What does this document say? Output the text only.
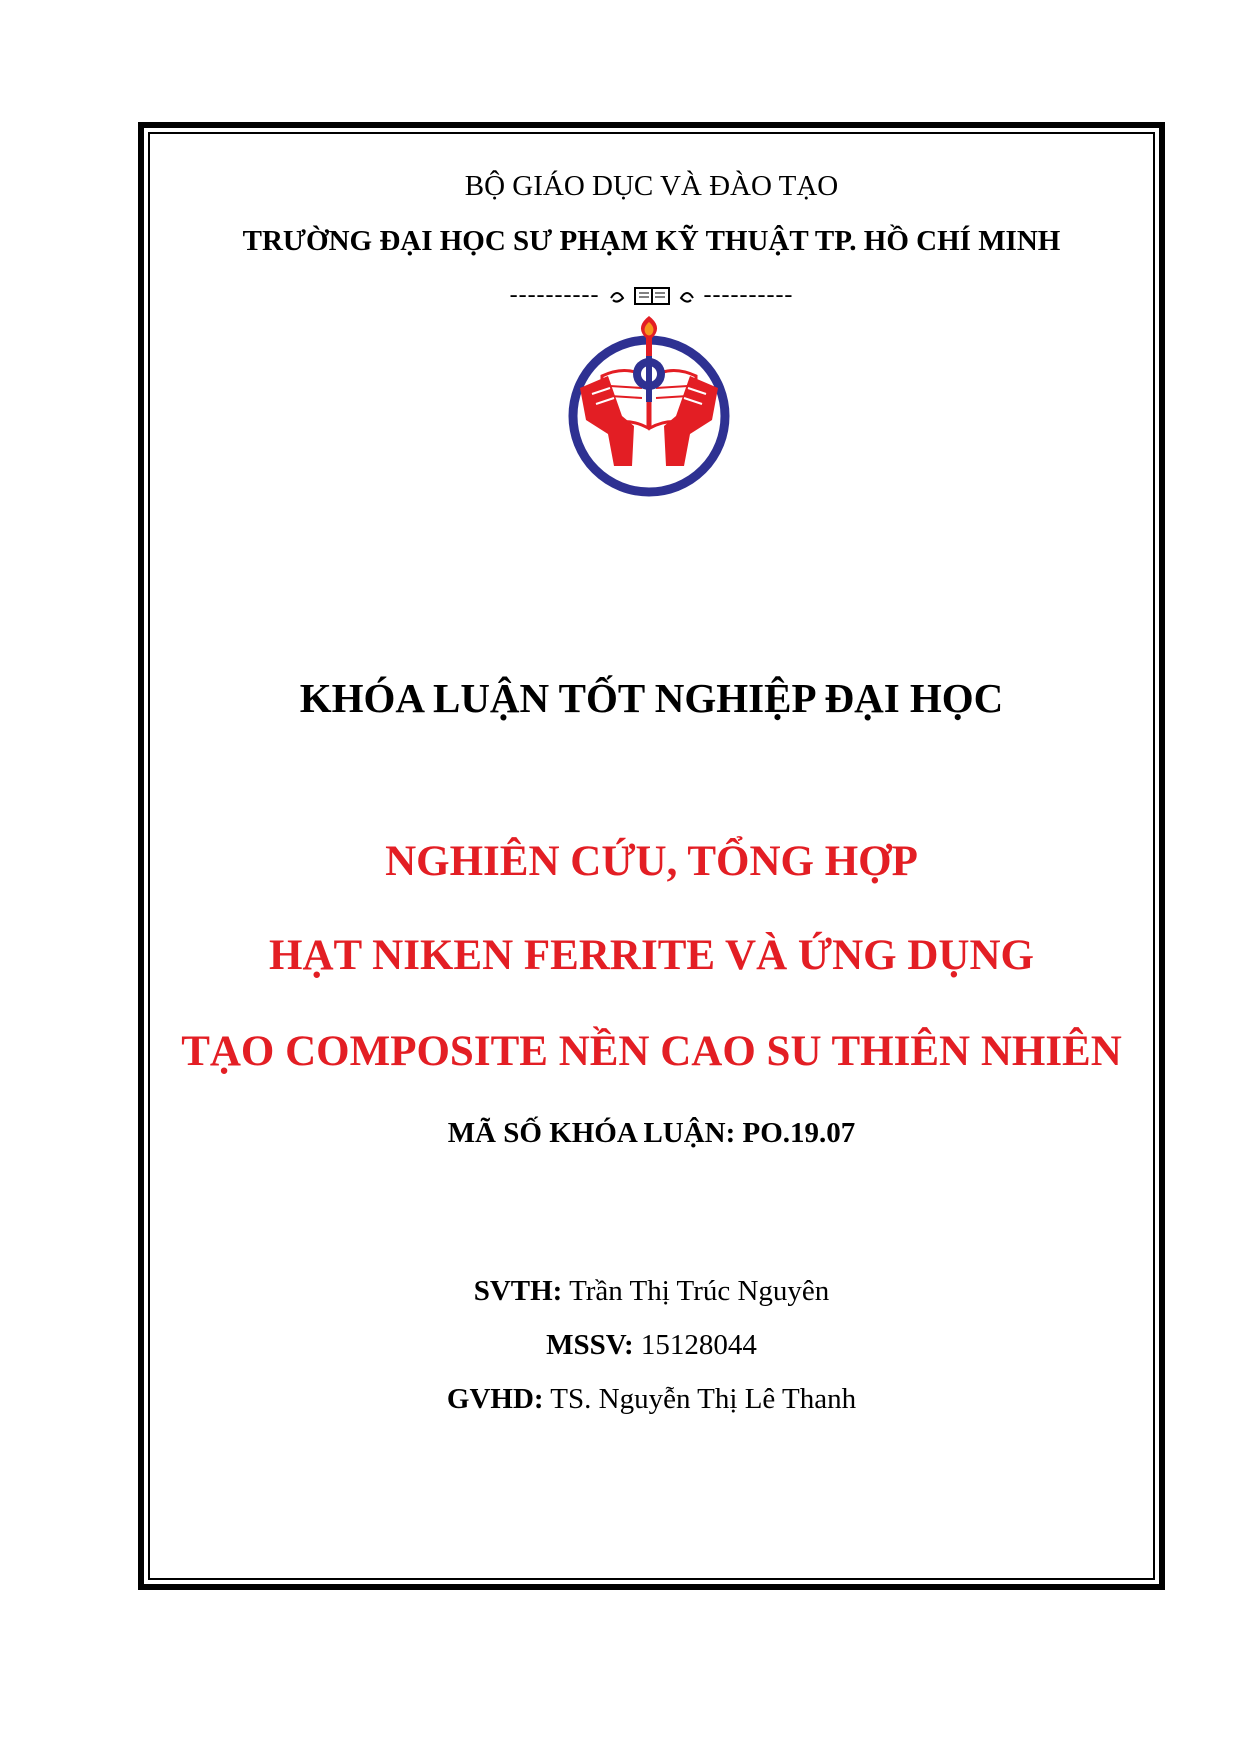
BỘ GIÁO DỤC VÀ ĐÀO TẠO
TRƯỜNG ĐẠI HỌC SƯ PHẠM KỸ THUẬT TP. HỒ CHÍ MINH
----------	----------
KHÓA LUẬN TỐT NGHIỆP ĐẠI HỌC
NGHIÊN CỨU, TỔNG HỢP
HẠT NIKEN FERRITE VÀ ỨNG DỤNG
TẠO COMPOSITE NỀN CAO SU THIÊN NHIÊN
MÃ SỐ KHÓA LUẬN: PO.19.07
SVTH: Trần Thị Trúc Nguyên
MSSV: 15128044
GVHD: TS. Nguyễn Thị Lê Thanh
